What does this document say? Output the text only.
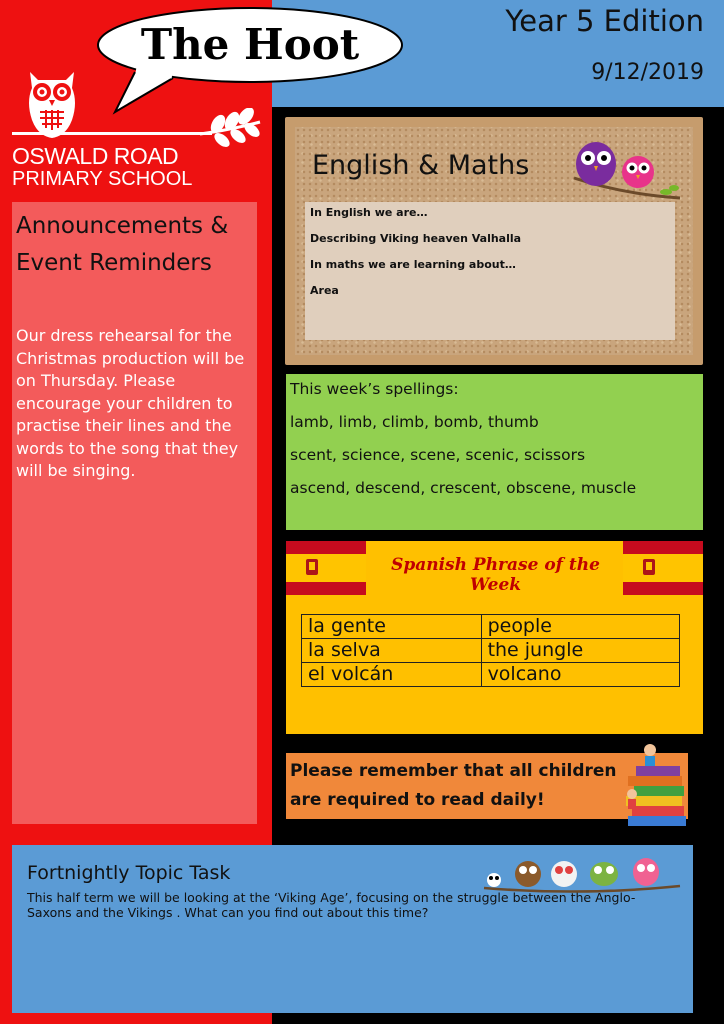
The Hoot	Year 5 Edition
9/12/2019
OSWALD ROAD
PRIMARY SCHOOL
Announcements & Event Reminders
Our dress rehearsal for the Christmas production will be on Thursday. Please encourage your children to practise their lines and the words to the song that they will be singing.
English & Maths
In English we are…
Describing Viking heaven Valhalla
In maths we are learning about…
Area
This week’s spellings:
lamb, limb, climb, bomb, thumb
scent, science, scene, scenic, scissors
ascend, descend, crescent, obscene, muscle
Spanish Phrase of the Week
la gente	people
la selva	the jungle
el volcán	volcano
Please remember that all children are required to read daily!
Fortnightly Topic Task
This half term we will be looking at the ‘Viking Age’, focusing on the struggle between the Anglo-Saxons and the Vikings . What can you find out about this time?
